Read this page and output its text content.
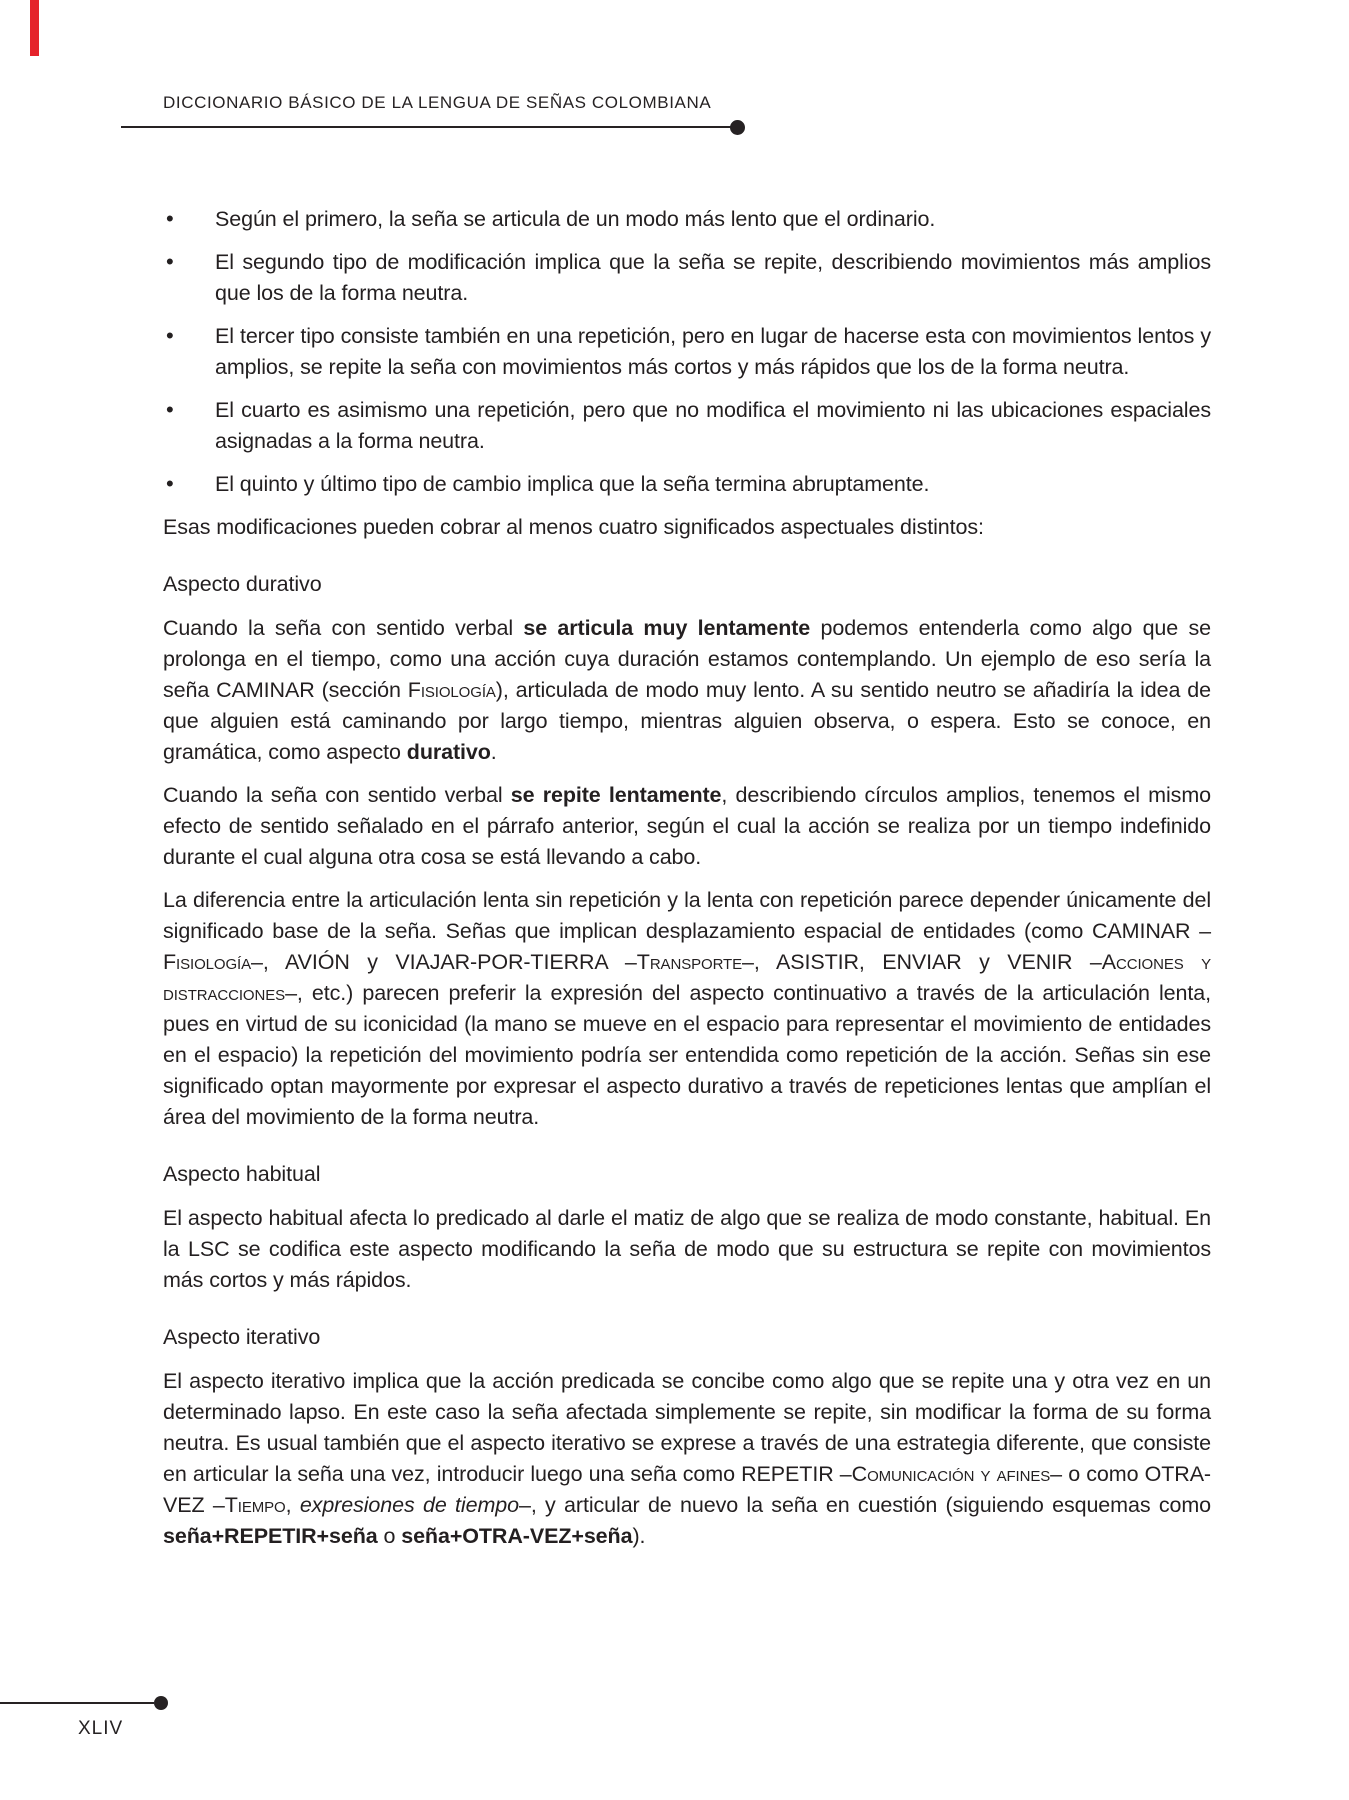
DICCIONARIO BÁSICO DE LA LENGUA DE SEÑAS COLOMBIANA
• Según el primero, la seña se articula de un modo más lento que el ordinario.
• El segundo tipo de modificación implica que la seña se repite, describiendo movimientos más amplios que los de la forma neutra.
• El tercer tipo consiste también en una repetición, pero en lugar de hacerse esta con movimientos lentos y amplios, se repite la seña con movimientos más cortos y más rápidos que los de la forma neutra.
• El cuarto es asimismo una repetición, pero que no modifica el movimiento ni las ubicaciones espaciales asignadas a la forma neutra.
• El quinto y último tipo de cambio implica que la seña termina abruptamente.
Esas modificaciones pueden cobrar al menos cuatro significados aspectuales distintos:
Aspecto durativo
Cuando la seña con sentido verbal se articula muy lentamente podemos entenderla como algo que se prolonga en el tiempo, como una acción cuya duración estamos contemplando. Un ejemplo de eso sería la seña CAMINAR (sección Fisiología), articulada de modo muy lento. A su sentido neutro se añadiría la idea de que alguien está caminando por largo tiempo, mientras alguien observa, o espera. Esto se conoce, en gramática, como aspecto durativo.
Cuando la seña con sentido verbal se repite lentamente, describiendo círculos amplios, tenemos el mismo efecto de sentido señalado en el párrafo anterior, según el cual la acción se realiza por un tiempo indefinido durante el cual alguna otra cosa se está llevando a cabo.
La diferencia entre la articulación lenta sin repetición y la lenta con repetición parece depender únicamente del significado base de la seña. Señas que implican desplazamiento espacial de entidades (como CAMINAR –Fisiología–, AVIÓN y VIAJAR-POR-TIERRA –Transporte–, ASISTIR, ENVIAR y VENIR –Acciones y distracciones–, etc.) parecen preferir la expresión del aspecto continuativo a través de la articulación lenta, pues en virtud de su iconicidad (la mano se mueve en el espacio para representar el movimiento de entidades en el espacio) la repetición del movimiento podría ser entendida como repetición de la acción. Señas sin ese significado optan mayormente por expresar el aspecto durativo a través de repeticiones lentas que amplían el área del movimiento de la forma neutra.
Aspecto habitual
El aspecto habitual afecta lo predicado al darle el matiz de algo que se realiza de modo constante, habitual. En la LSC se codifica este aspecto modificando la seña de modo que su estructura se repite con movimientos más cortos y más rápidos.
Aspecto iterativo
El aspecto iterativo implica que la acción predicada se concibe como algo que se repite una y otra vez en un determinado lapso. En este caso la seña afectada simplemente se repite, sin modificar la forma de su forma neutra. Es usual también que el aspecto iterativo se exprese a través de una estrategia diferente, que consiste en articular la seña una vez, introducir luego una seña como REPETIR –Comunicación y afines– o como OTRA-VEZ –Tiempo, expresiones de tiempo–, y articular de nuevo la seña en cuestión (siguiendo esquemas como seña+REPETIR+seña o seña+OTRA-VEZ+seña).
XLIV
